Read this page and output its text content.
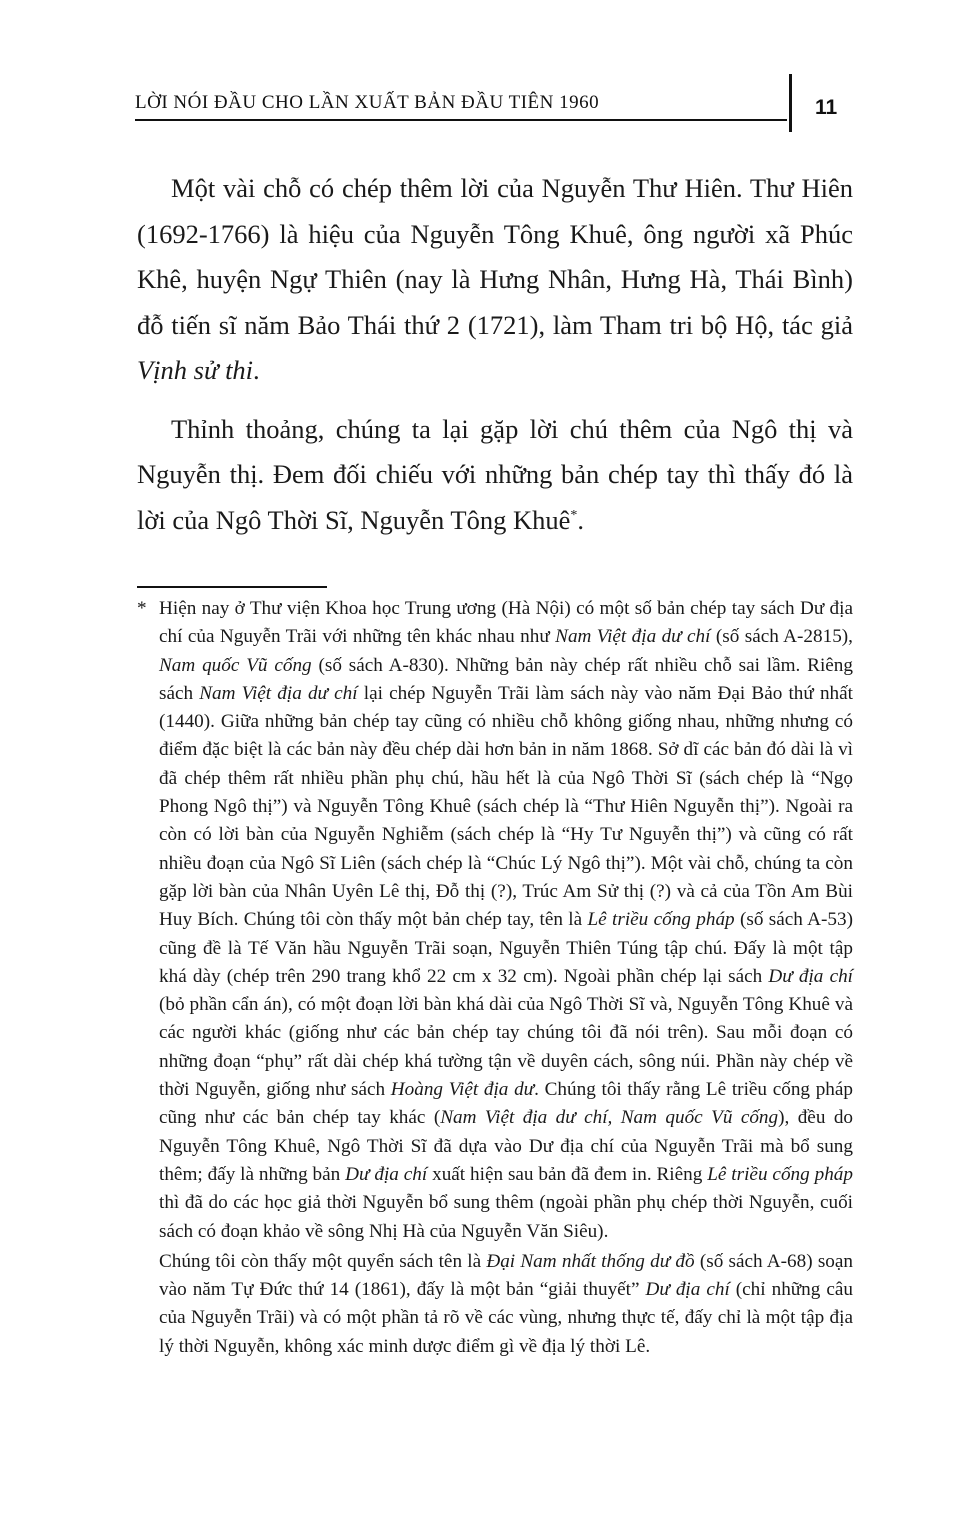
LỜI NÓI ĐẦU CHO LẦN XUẤT BẢN ĐẦU TIÊN 1960	11

Một vài chỗ có chép thêm lời của Nguyễn Thư Hiên. Thư Hiên (1692-1766) là hiệu của Nguyễn Tông Khuê, ông người xã Phúc Khê, huyện Ngự Thiên (nay là Hưng Nhân, Hưng Hà, Thái Bình) đỗ tiến sĩ năm Bảo Thái thứ 2 (1721), làm Tham tri bộ Hộ, tác giả Vịnh sử thi.

Thỉnh thoảng, chúng ta lại gặp lời chú thêm của Ngô thị và Nguyễn thị. Đem đối chiếu với những bản chép tay thì thấy đó là lời của Ngô Thời Sĩ, Nguyễn Tông Khuê*.

* Hiện nay ở Thư viện Khoa học Trung ương (Hà Nội) có một số bản chép tay sách Dư địa chí của Nguyễn Trãi với những tên khác nhau như Nam Việt địa dư chí (số sách A-2815), Nam quốc Vũ cống (số sách A-830). Những bản này chép rất nhiều chỗ sai lầm. Riêng sách Nam Việt địa dư chí lại chép Nguyễn Trãi làm sách này vào năm Đại Bảo thứ nhất (1440). Giữa những bản chép tay cũng có nhiều chỗ không giống nhau, những nhưng có điểm đặc biệt là các bản này đều chép dài hơn bản in năm 1868. Sở dĩ các bản đó dài là vì đã chép thêm rất nhiều phần phụ chú, hầu hết là của Ngô Thời Sĩ (sách chép là “Ngọ Phong Ngô thị”) và Nguyễn Tông Khuê (sách chép là “Thư Hiên Nguyễn thị”). Ngoài ra còn có lời bàn của Nguyễn Nghiễm (sách chép là “Hy Tư Nguyễn thị”) và cũng có rất nhiều đoạn của Ngô Sĩ Liên (sách chép là “Chúc Lý Ngô thị”). Một vài chỗ, chúng ta còn gặp lời bàn của Nhân Uyên Lê thị, Đỗ thị (?), Trúc Am Sử thị (?) và cả của Tồn Am Bùi Huy Bích. Chúng tôi còn thấy một bản chép tay, tên là Lê triều cống pháp (số sách A-53) cũng đề là Tế Văn hầu Nguyễn Trãi soạn, Nguyễn Thiên Túng tập chú. Đấy là một tập khá dày (chép trên 290 trang khổ 22 cm x 32 cm). Ngoài phần chép lại sách Dư địa chí (bỏ phần cẩn án), có một đoạn lời bàn khá dài của Ngô Thời Sĩ và, Nguyễn Tông Khuê và các người khác (giống như các bản chép tay chúng tôi đã nói trên). Sau mỗi đoạn có những đoạn “phụ” rất dài chép khá tường tận về duyên cách, sông núi. Phần này chép về thời Nguyễn, giống như sách Hoàng Việt địa dư. Chúng tôi thấy rằng Lê triều cống pháp cũng như các bản chép tay khác (Nam Việt địa dư chí, Nam quốc Vũ cống), đều do Nguyễn Tông Khuê, Ngô Thời Sĩ đã dựa vào Dư địa chí của Nguyễn Trãi mà bổ sung thêm; đấy là những bản Dư địa chí xuất hiện sau bản đã đem in. Riêng Lê triều cống pháp thì đã do các học giả thời Nguyễn bổ sung thêm (ngoài phần phụ chép thời Nguyễn, cuối sách có đoạn khảo về sông Nhị Hà của Nguyễn Văn Siêu).

Chúng tôi còn thấy một quyển sách tên là Đại Nam nhất thống dư đồ (số sách A-68) soạn vào năm Tự Đức thứ 14 (1861), đấy là một bản “giải thuyết” Dư địa chí (chỉ những câu của Nguyễn Trãi) và có một phần tả rõ về các vùng, nhưng thực tế, đấy chỉ là một tập địa lý thời Nguyễn, không xác minh dược điểm gì về địa lý thời Lê.
